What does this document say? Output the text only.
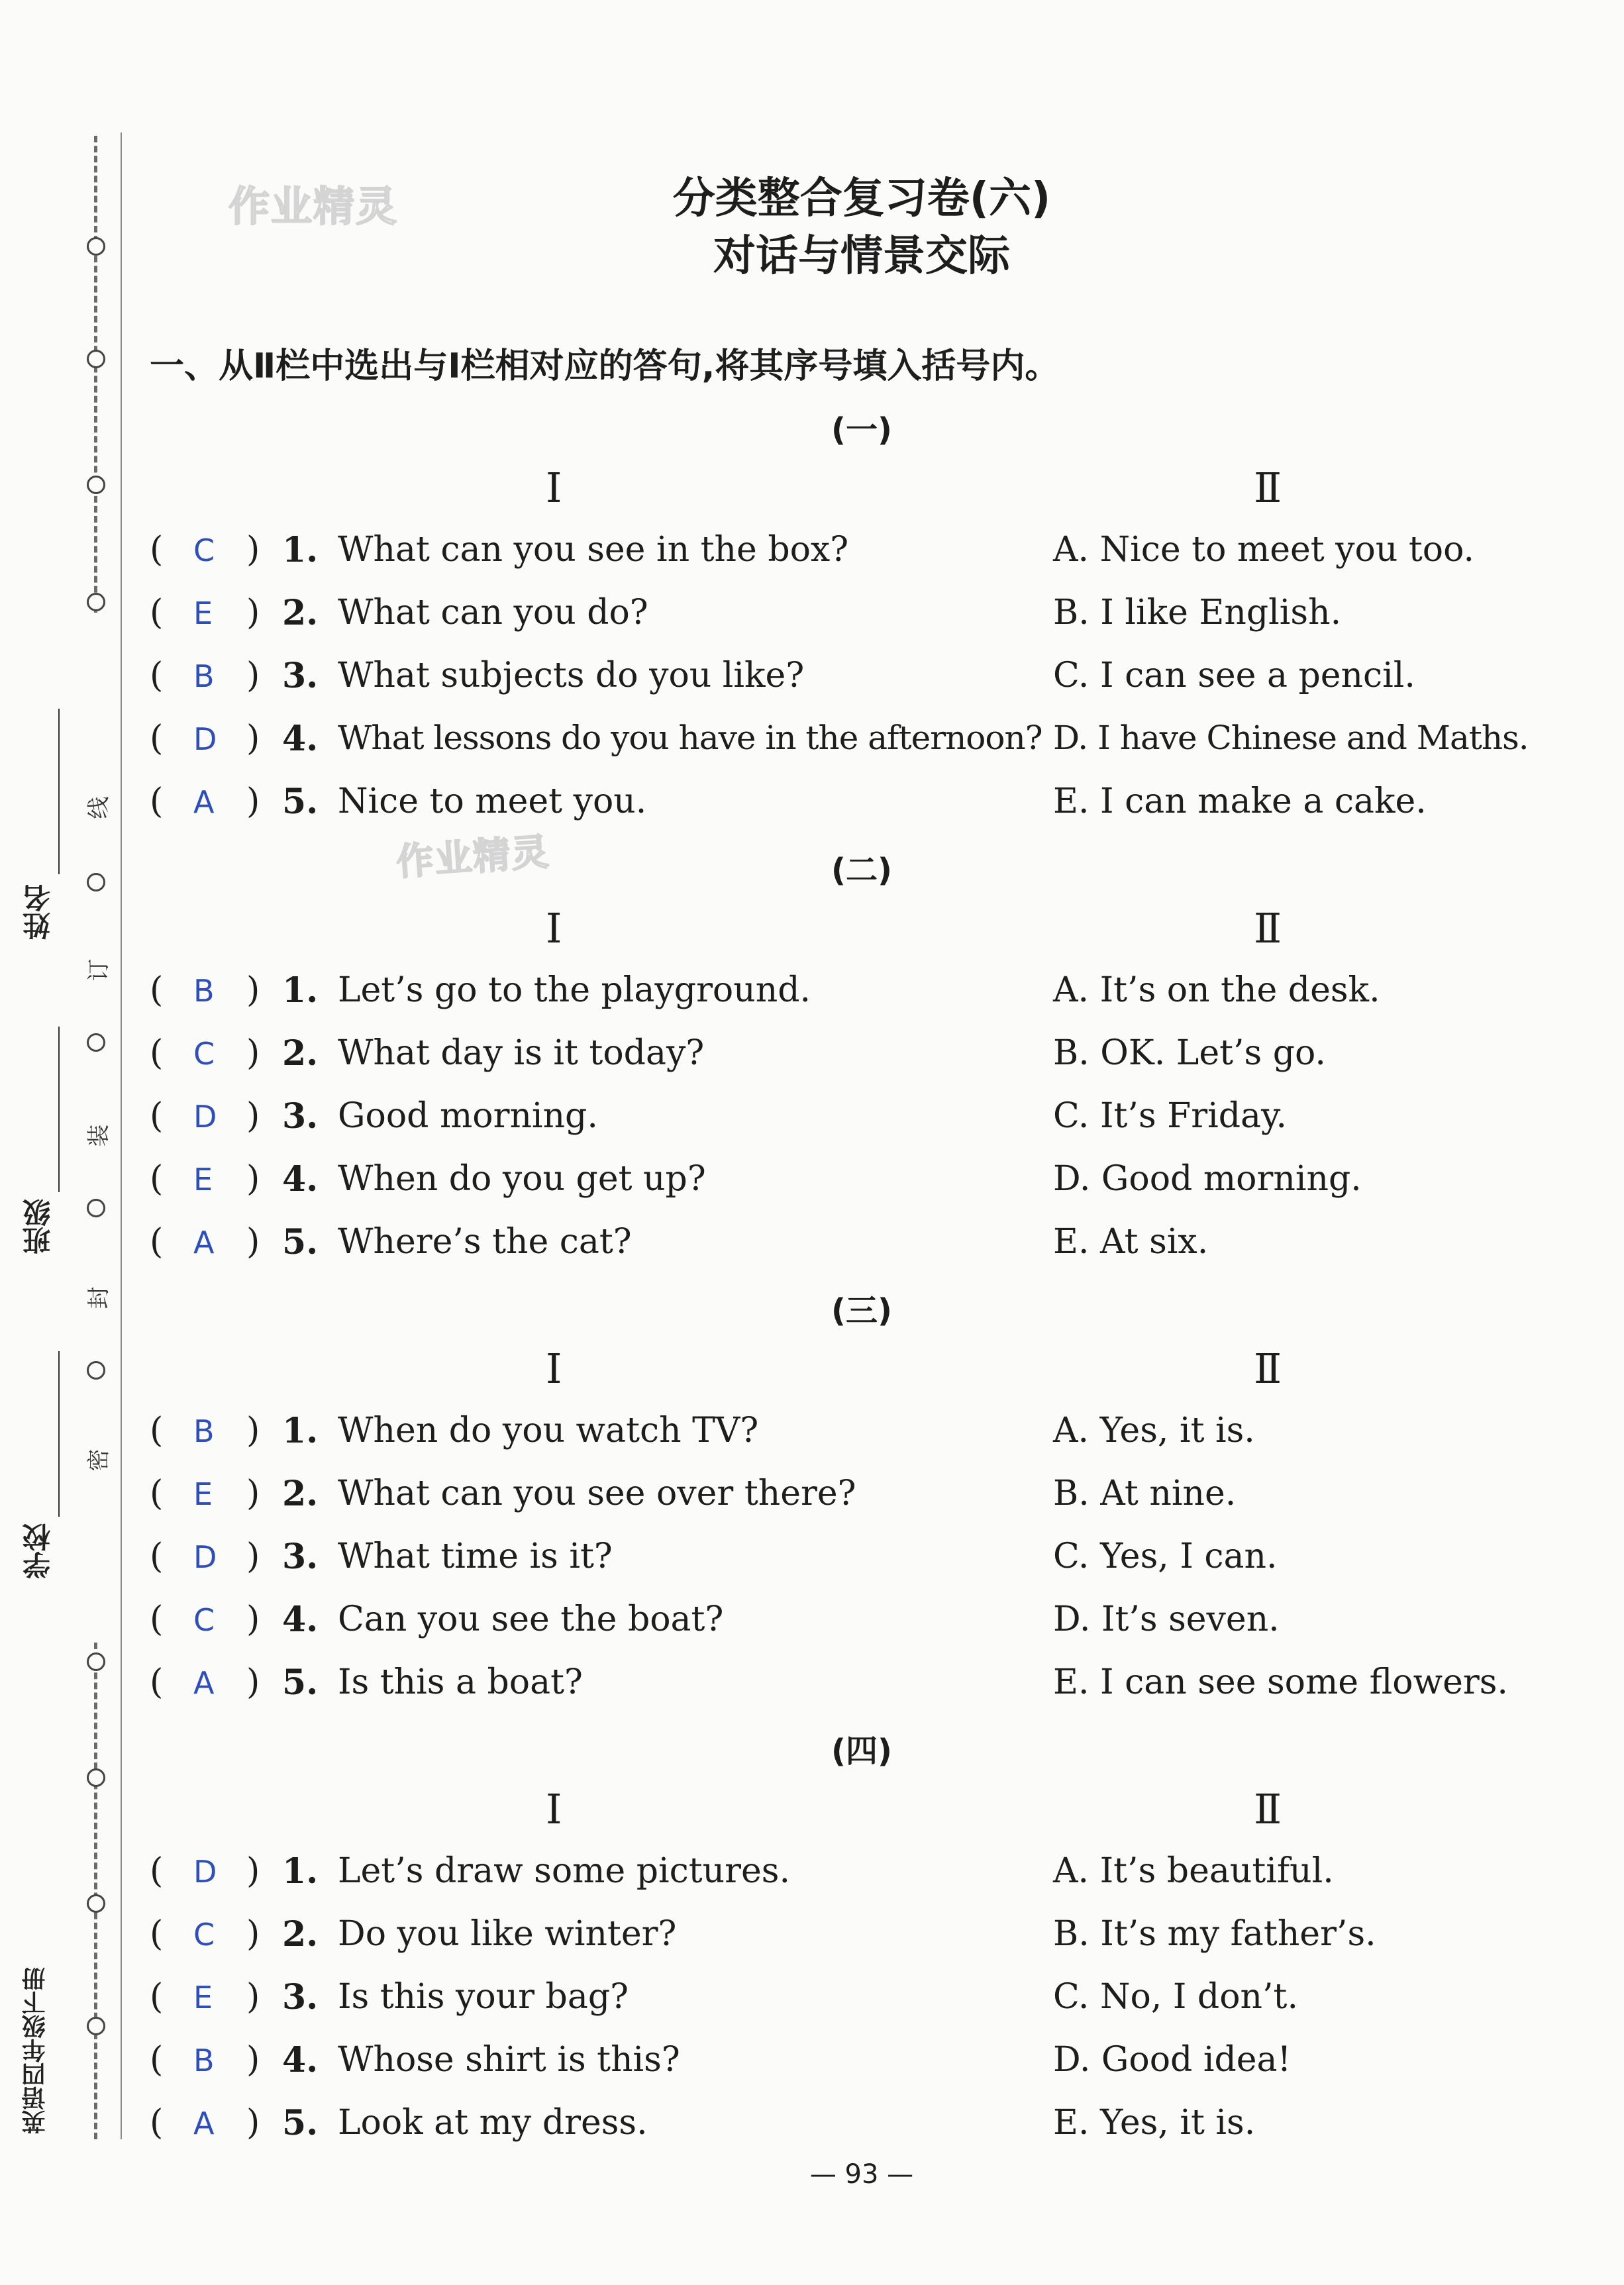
线
订
装
封
密
姓名
班级
学校
英语四年级下册
作业精灵
作业精灵
分类整合复习卷(六)
对话与情景交际
一、从Ⅱ栏中选出与Ⅰ栏相对应的答句,将其序号填入括号内。
(一)
Ⅰ	Ⅱ
( C ) 1. What can you see in the box?	A. Nice to meet you too.
( E ) 2. What can you do?	B. I like English.
( B ) 3. What subjects do you like?	C. I can see a pencil.
( D ) 4. What lessons do you have in the afternoon? D. I have Chinese and Maths.
( A ) 5. Nice to meet you.	E. I can make a cake.
(二)
Ⅰ	Ⅱ
( B ) 1. Let’s go to the playground.	A. It’s on the desk.
( C ) 2. What day is it today?	B. OK. Let’s go.
( D ) 3. Good morning.	C. It’s Friday.
( E ) 4. When do you get up?	D. Good morning.
( A ) 5. Where’s the cat?	E. At six.
(三)
Ⅰ	Ⅱ
( B ) 1. When do you watch TV?	A. Yes, it is.
( E ) 2. What can you see over there?	B. At nine.
( D ) 3. What time is it?	C. Yes, I can.
( C ) 4. Can you see the boat?	D. It’s seven.
( A ) 5. Is this a boat?	E. I can see some flowers.
(四)
Ⅰ	Ⅱ
( D ) 1. Let’s draw some pictures.	A. It’s beautiful.
( C ) 2. Do you like winter?	B. It’s my father’s.
( E ) 3. Is this your bag?	C. No, I don’t.
( B ) 4. Whose shirt is this?	D. Good idea!
( A ) 5. Look at my dress.	E. Yes, it is.
— 93 —
